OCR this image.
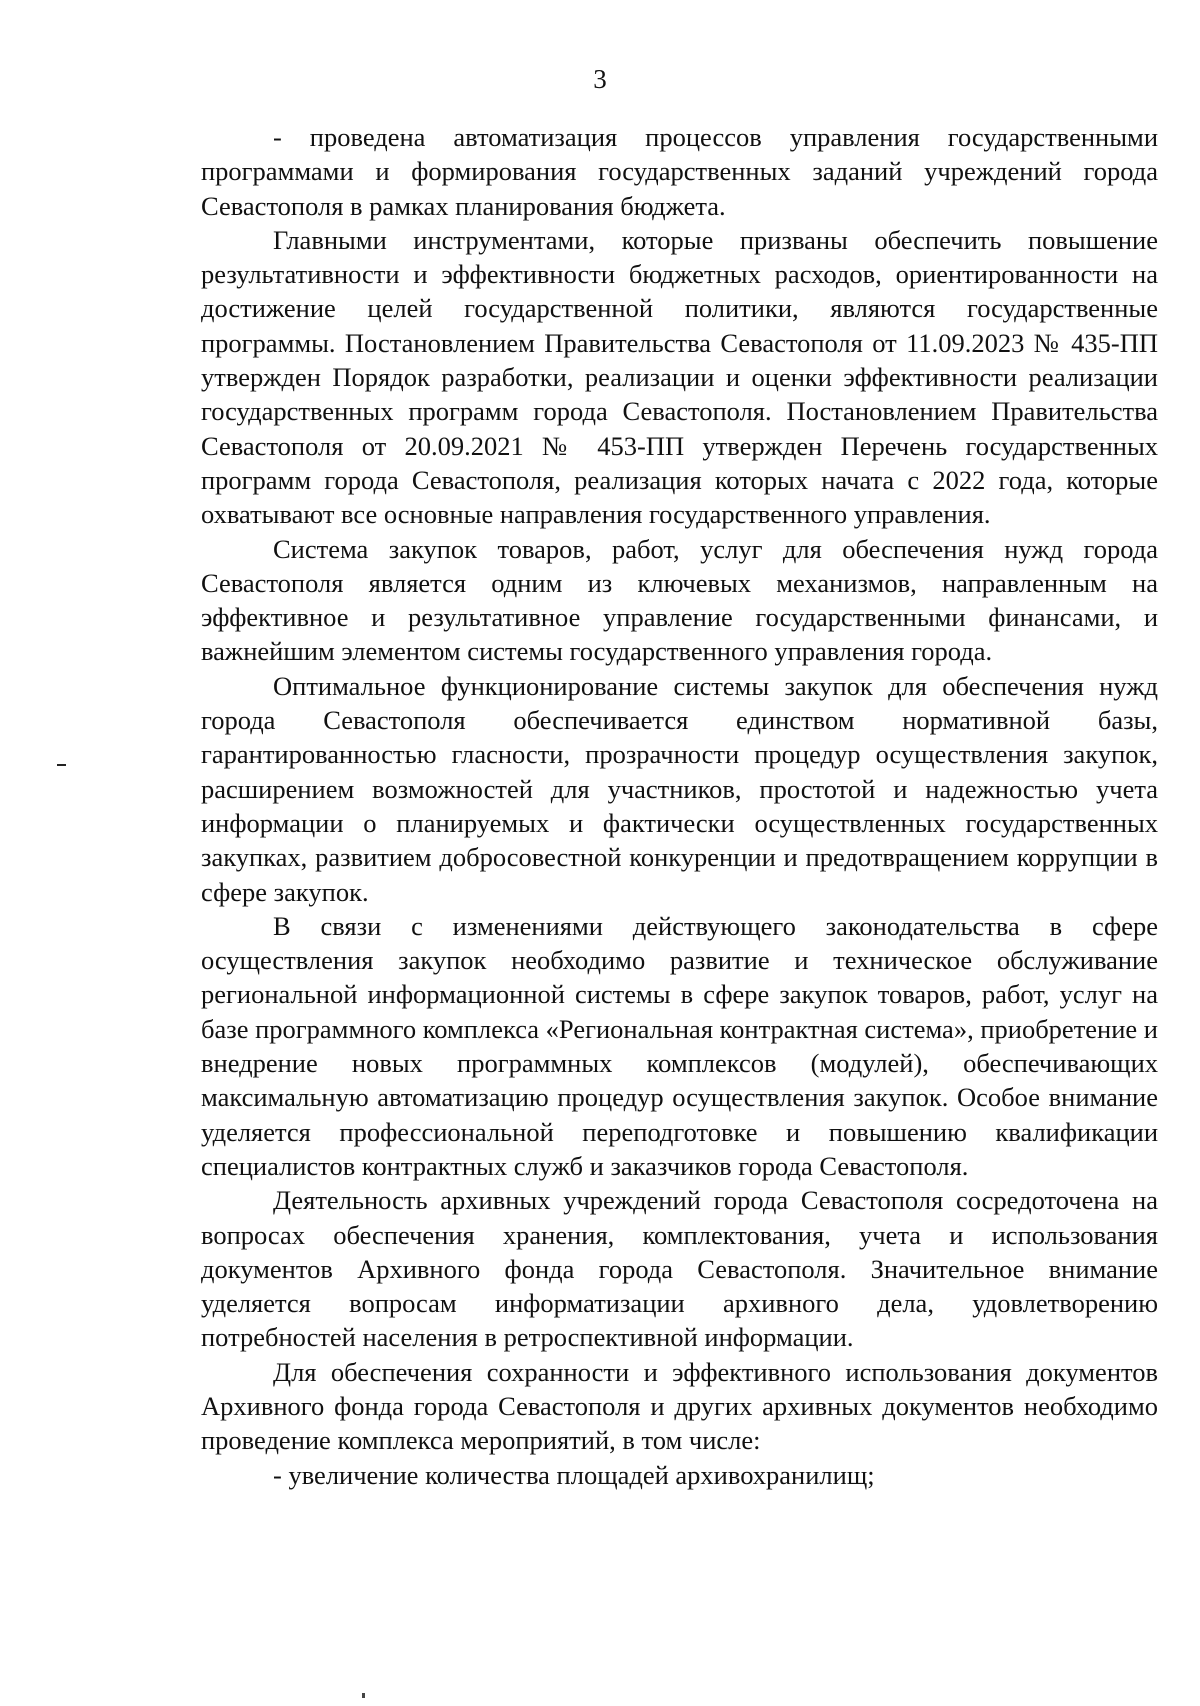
3

- проведена автоматизация процессов управления государственными программами и формирования государственных заданий учреждений города Севастополя в рамках планирования бюджета.

Главными инструментами, которые призваны обеспечить повышение результативности и эффективности бюджетных расходов, ориентированности на достижение целей государственной политики, являются государственные программы. Постановлением Правительства Севастополя от 11.09.2023 № 435-ПП утвержден Порядок разработки, реализации и оценки эффективности реализации государственных программ города Севастополя. Постановлением Правительства Севастополя от 20.09.2021 № 453-ПП утвержден Перечень государственных программ города Севастополя, реализация которых начата с 2022 года, которые охватывают все основные направления государственного управления.

Система закупок товаров, работ, услуг для обеспечения нужд города Севастополя является одним из ключевых механизмов, направленным на эффективное и результативное управление государственными финансами, и важнейшим элементом системы государственного управления города.

Оптимальное функционирование системы закупок для обеспечения нужд города Севастополя обеспечивается единством нормативной базы, гарантированностью гласности, прозрачности процедур осуществления закупок, расширением возможностей для участников, простотой и надежностью учета информации о планируемых и фактически осуществленных государственных закупках, развитием добросовестной конкуренции и предотвращением коррупции в сфере закупок.

В связи с изменениями действующего законодательства в сфере осуществления закупок необходимо развитие и техническое обслуживание региональной информационной системы в сфере закупок товаров, работ, услуг на базе программного комплекса «Региональная контрактная система», приобретение и внедрение новых программных комплексов (модулей), обеспечивающих максимальную автоматизацию процедур осуществления закупок. Особое внимание уделяется профессиональной переподготовке и повышению квалификации специалистов контрактных служб и заказчиков города Севастополя.

Деятельность архивных учреждений города Севастополя сосредоточена на вопросах обеспечения хранения, комплектования, учета и использования документов Архивного фонда города Севастополя. Значительное внимание уделяется вопросам информатизации архивного дела, удовлетворению потребностей населения в ретроспективной информации.

Для обеспечения сохранности и эффективного использования документов Архивного фонда города Севастополя и других архивных документов необходимо проведение комплекса мероприятий, в том числе:

- увеличение количества площадей архивохранилищ;
